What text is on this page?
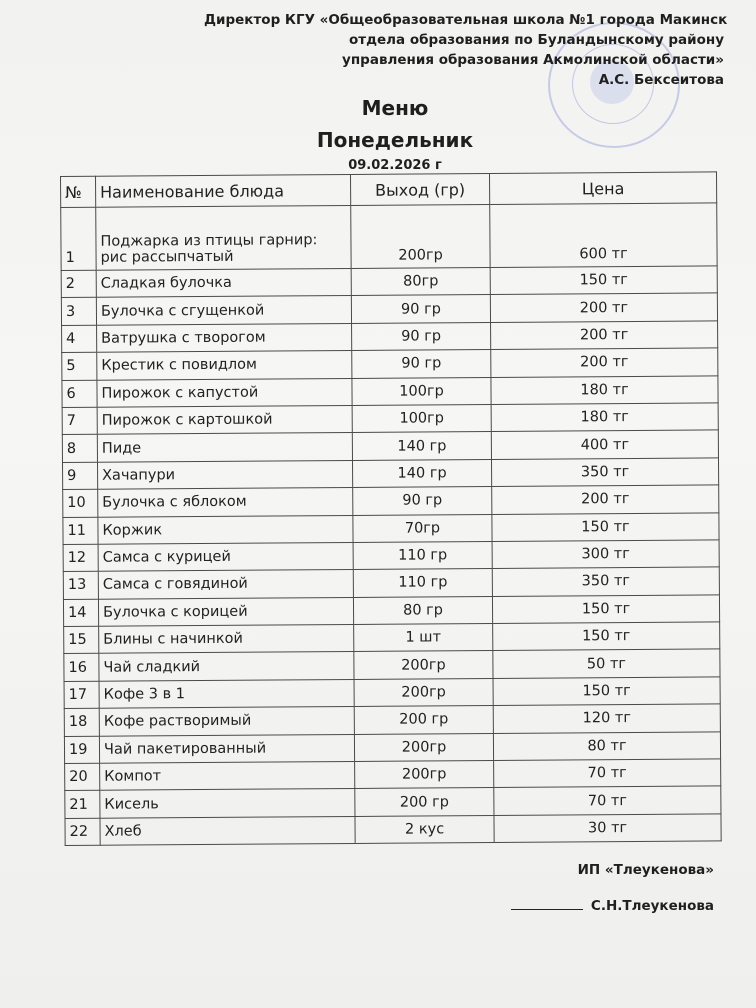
Директор КГУ «Общеобразовательная школа №1 города Макинск
отдела образования по Буландынскому району
управления образования Акмолинской области»
А.С. Бексеитова
Меню
Понедельник
09.02.2026 г
№	Наименование блюда	Выход (гр)	Цена
1	Поджарка из птицы гарнир:
рис рассыпчатый	200гр	600 тг
2	Сладкая булочка	80гр	150 тг
3	Булочка с сгущенкой	90 гр	200 тг
4	Ватрушка с творогом	90 гр	200 тг
5	Крестик с повидлом	90 гр	200 тг
6	Пирожок с капустой	100гр	180 тг
7	Пирожок с картошкой	100гр	180 тг
8	Пиде	140 гр	400 тг
9	Хачапури	140 гр	350 тг
10	Булочка с яблоком	90 гр	200 тг
11	Коржик	70гр	150 тг
12	Самса с курицей	110 гр	300 тг
13	Самса с говядиной	110 гр	350 тг
14	Булочка с корицей	80 гр	150 тг
15	Блины с начинкой	1 шт	150 тг
16	Чай сладкий	200гр	50 тг
17	Кофе 3 в 1	200гр	150 тг
18	Кофе растворимый	200 гр	120 тг
19	Чай пакетированный	200гр	80 тг
20	Компот	200гр	70 тг
21	Кисель	200 гр	70 тг
22	Хлеб	2 кус	30 тг
ИП «Тлеукенова»
С.Н.Тлеукенова
